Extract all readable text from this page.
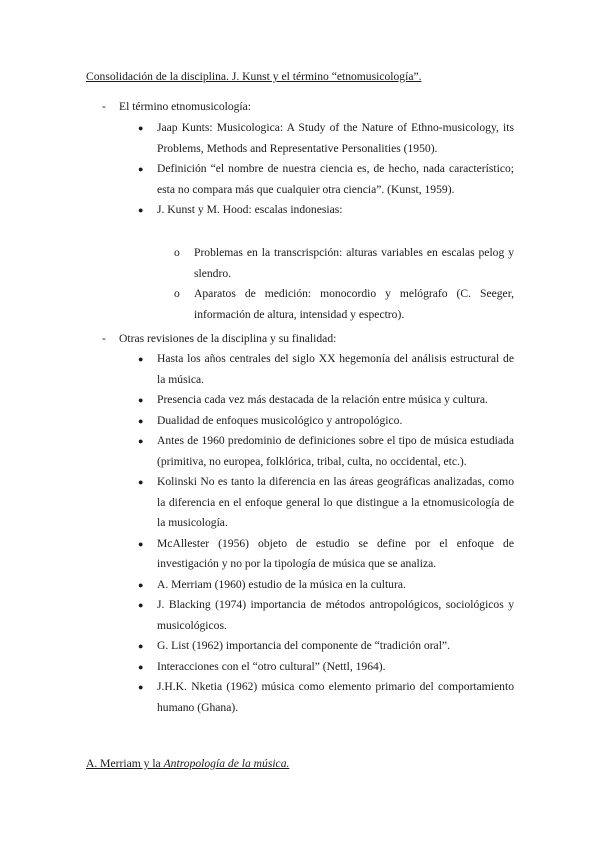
Consolidación de la disciplina. J. Kunst y el término “etnomusicología”.
- El término etnomusicología:
● Jaap Kunts: Musicologica: A Study of the Nature of Ethno-musicology, its Problems, Methods and Representative Personalities (1950).
● Definición “el nombre de nuestra ciencia es, de hecho, nada característico; esta no compara más que cualquier otra ciencia”. (Kunst, 1959).
● J. Kunst y M. Hood: escalas indonesias:
o Problemas en la transcrispción: alturas variables en escalas pelog y slendro.
o Aparatos de medición: monocordio y melógrafo (C. Seeger, información de altura, intensidad y espectro).
- Otras revisiones de la disciplina y su finalidad:
● Hasta los años centrales del siglo XX hegemonía del análisis estructural de la música.
● Presencia cada vez más destacada de la relación entre música y cultura.
● Dualidad de enfoques musicológico y antropológico.
● Antes de 1960 predominio de definiciones sobre el tipo de música estudiada (primitiva, no europea, folklórica, tribal, culta, no occidental, etc.).
● Kolinski No es tanto la diferencia en las áreas geográficas analizadas, como la diferencia en el enfoque general lo que distingue a la etnomusicología de la musicología.
● McAllester (1956) objeto de estudio se define por el enfoque de investigación y no por la tipología de música que se analiza.
● A. Merriam (1960) estudio de la música en la cultura.
● J. Blacking (1974) importancia de métodos antropológicos, sociológicos y musicológicos.
● G. List (1962) importancia del componente de “tradición oral”.
● Interacciones con el “otro cultural” (Nettl, 1964).
● J.H.K. Nketia (1962) música como elemento primario del comportamiento humano (Ghana).
A. Merriam y la Antropología de la música.
